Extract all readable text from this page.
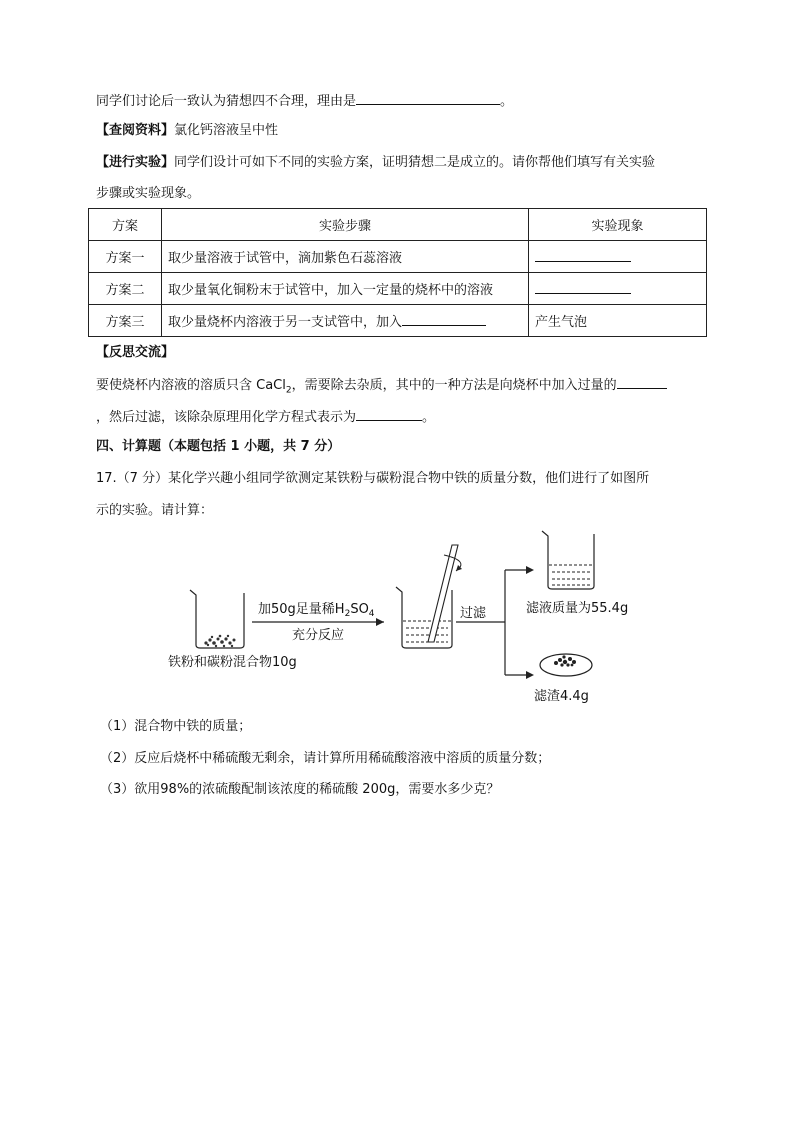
同学们讨论后一致认为猜想四不合理，理由是	。
【查阅资料】氯化钙溶液呈中性
【进行实验】同学们设计可如下不同的实验方案，证明猜想二是成立的。请你帮他们填写有关实验
步骤或实验现象。
方案	实验步骤	实验现象
方案一	取少量溶液于试管中，滴加紫色石蕊溶液	
方案二	取少量氧化铜粉末于试管中，加入一定量的烧杯中的溶液	
方案三	取少量烧杯内溶液于另一支试管中，加入	产生气泡
【反思交流】
要使烧杯内溶液的溶质只含 CaCl$_2$，需要除去杂质，其中的一种方法是向烧杯中加入过量的
，然后过滤，该除杂原理用化学方程式表示为	。
四、计算题（本题包括 1 小题，共 7 分）
17.（7 分）某化学兴趣小组同学欲测定某铁粉与碳粉混合物中铁的质量分数，他们进行了如图所
示的实验。请计算：
铁粉和碳粉混合物10g
加50g足量稀$H_2SO_4$
充分反应
过滤	滤液质量为55.4g
滤渣4.4g
（1）混合物中铁的质量；
（2）反应后烧杯中稀硫酸无剩余，请计算所用稀硫酸溶液中溶质的质量分数；
（3）欲用98%的浓硫酸配制该浓度的稀硫酸 200g，需要水多少克？
